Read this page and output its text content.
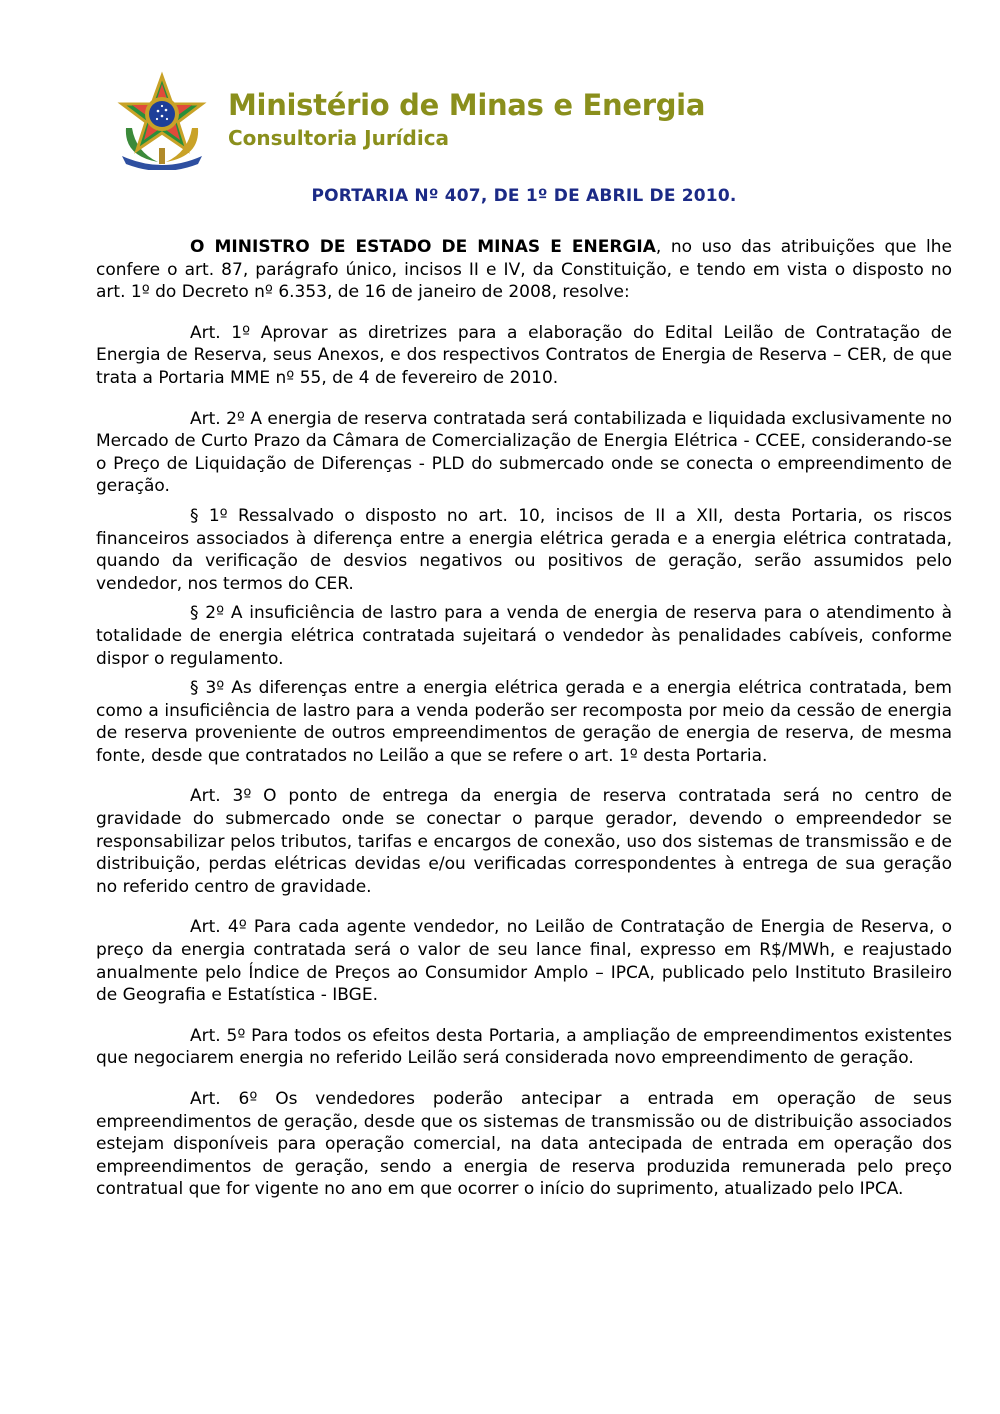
Ministério de Minas e Energia
Consultoria Jurídica
PORTARIA Nº 407, DE 1º DE ABRIL DE 2010.

O MINISTRO DE ESTADO DE MINAS E ENERGIA, no uso das atribuições que lhe confere o art. 87, parágrafo único, incisos II e IV, da Constituição, e tendo em vista o disposto no art. 1º do Decreto nº 6.353, de 16 de janeiro de 2008, resolve:

Art. 1º Aprovar as diretrizes para a elaboração do Edital Leilão de Contratação de Energia de Reserva, seus Anexos, e dos respectivos Contratos de Energia de Reserva – CER, de que trata a Portaria MME nº 55, de 4 de fevereiro de 2010.

Art. 2º A energia de reserva contratada será contabilizada e liquidada exclusivamente no Mercado de Curto Prazo da Câmara de Comercialização de Energia Elétrica - CCEE, considerando-se o Preço de Liquidação de Diferenças - PLD do submercado onde se conecta o empreendimento de geração.

§ 1º Ressalvado o disposto no art. 10, incisos de II a XII, desta Portaria, os riscos financeiros associados à diferença entre a energia elétrica gerada e a energia elétrica contratada, quando da verificação de desvios negativos ou positivos de geração, serão assumidos pelo vendedor, nos termos do CER.

§ 2º A insuficiência de lastro para a venda de energia de reserva para o atendimento à totalidade de energia elétrica contratada sujeitará o vendedor às penalidades cabíveis, conforme dispor o regulamento.

§ 3º As diferenças entre a energia elétrica gerada e a energia elétrica contratada, bem como a insuficiência de lastro para a venda poderão ser recomposta por meio da cessão de energia de reserva proveniente de outros empreendimentos de geração de energia de reserva, de mesma fonte, desde que contratados no Leilão a que se refere o art. 1º desta Portaria.

Art. 3º O ponto de entrega da energia de reserva contratada será no centro de gravidade do submercado onde se conectar o parque gerador, devendo o empreendedor se responsabilizar pelos tributos, tarifas e encargos de conexão, uso dos sistemas de transmissão e de distribuição, perdas elétricas devidas e/ou verificadas correspondentes à entrega de sua geração no referido centro de gravidade.

Art. 4º Para cada agente vendedor, no Leilão de Contratação de Energia de Reserva, o preço da energia contratada será o valor de seu lance final, expresso em R$/MWh, e reajustado anualmente pelo Índice de Preços ao Consumidor Amplo – IPCA, publicado pelo Instituto Brasileiro de Geografia e Estatística - IBGE.

Art. 5º Para todos os efeitos desta Portaria, a ampliação de empreendimentos existentes que negociarem energia no referido Leilão será considerada novo empreendimento de geração.

Art. 6º Os vendedores poderão antecipar a entrada em operação de seus empreendimentos de geração, desde que os sistemas de transmissão ou de distribuição associados estejam disponíveis para operação comercial, na data antecipada de entrada em operação dos empreendimentos de geração, sendo a energia de reserva produzida remunerada pelo preço contratual que for vigente no ano em que ocorrer o início do suprimento, atualizado pelo IPCA.
